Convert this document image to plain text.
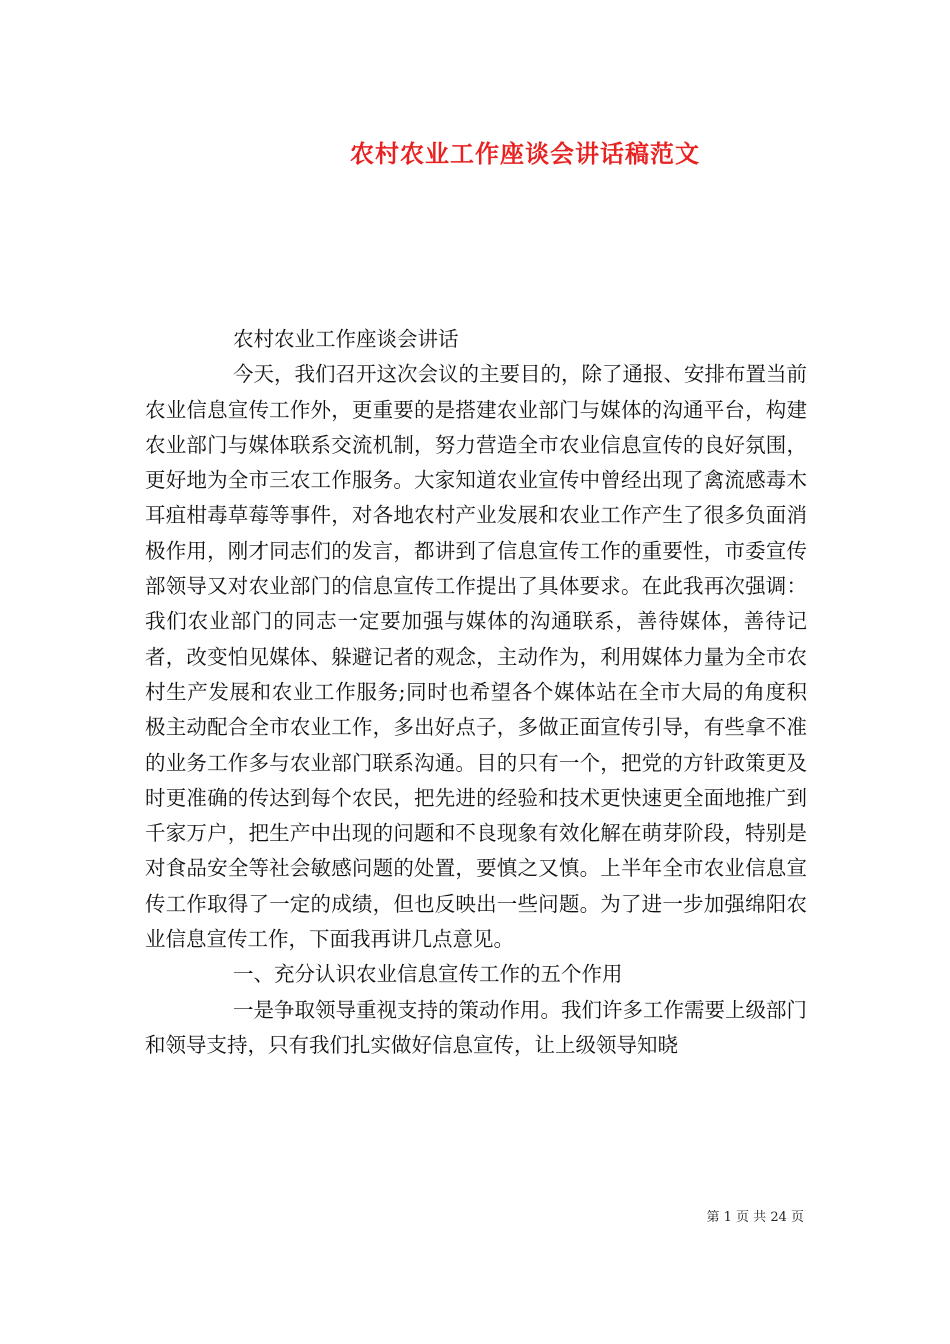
农村农业工作座谈会讲话稿范文

农村农业工作座谈会讲话

今天，我们召开这次会议的主要目的，除了通报、安排布置当前农业信息宣传工作外，更重要的是搭建农业部门与媒体的沟通平台，构建农业部门与媒体联系交流机制，努力营造全市农业信息宣传的良好氛围，更好地为全市三农工作服务。大家知道农业宣传中曾经出现了禽流感毒木耳疽柑毒草莓等事件，对各地农村产业发展和农业工作产生了很多负面消极作用，刚才同志们的发言，都讲到了信息宣传工作的重要性，市委宣传部领导又对农业部门的信息宣传工作提出了具体要求。在此我再次强调：我们农业部门的同志一定要加强与媒体的沟通联系，善待媒体，善待记者，改变怕见媒体、躲避记者的观念，主动作为，利用媒体力量为全市农村生产发展和农业工作服务;同时也希望各个媒体站在全市大局的角度积极主动配合全市农业工作，多出好点子，多做正面宣传引导，有些拿不准的业务工作多与农业部门联系沟通。目的只有一个，把党的方针政策更及时更准确的传达到每个农民，把先进的经验和技术更快速更全面地推广到千家万户，把生产中出现的问题和不良现象有效化解在萌芽阶段，特别是对食品安全等社会敏感问题的处置，要慎之又慎。上半年全市农业信息宣传工作取得了一定的成绩，但也反映出一些问题。为了进一步加强绵阳农业信息宣传工作，下面我再讲几点意见。

一、充分认识农业信息宣传工作的五个作用

一是争取领导重视支持的策动作用。我们许多工作需要上级部门和领导支持，只有我们扎实做好信息宣传，让上级领导知晓

第 1 页 共 24 页
